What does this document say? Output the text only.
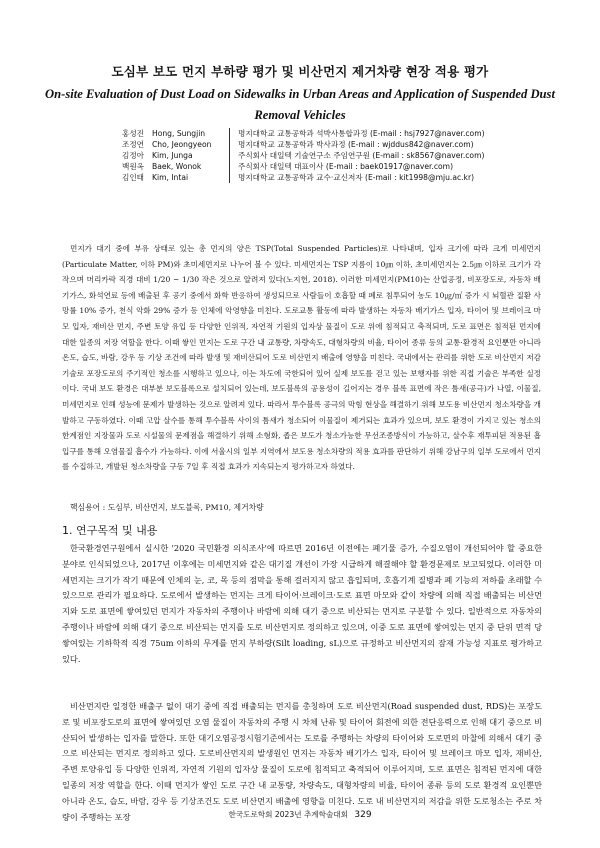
도심부 보도 먼지 부하량 평가 및 비산먼지 제거차량 현장 적용 평가
On-site Evaluation of Dust Load on Sidewalks in Urban Areas and Application of Suspended Dust Removal Vehicles
홍성진	Hong, Sungjin	명지대학교 교통공학과 석박사통합과정 (E-mail : hsj7927@naver.com)
조정연	Cho, Jeongyeon	명지대학교 교통공학과 박사과정 (E-mail : wjddus842@naver.com)
김정아	Kim, Junga	주식회사 대일텍 기술연구소 주임연구원 (E-mail : sk8567@naver.com)
백원옥	Baek, Wonok	주식회사 대일텍 대표이사 (E-mail : baek01917@naver.com)
김인태	Kim, Intai	명지대학교 교통공학과 교수·교신저자 (E-mail : kit1998@mju.ac.kr)

먼지가 대기 중에 부유 상태로 있는 총 먼지의 양은 TSP(Total Suspended Particles)로 나타내며, 입자 크기에 따라 크게 미세먼지(Particulate Matter, 이하 PM)와 초미세먼지로 나누어 볼 수 있다. 미세먼지는 TSP 지름이 10㎛ 이하, 초미세먼지는 2.5㎛ 이하로 크기가 각 작으며 머리카락 직경 대비 1/20 ~ 1/30 작은 것으로 알려져 있다(노지헌, 2018). 이러한 미세먼지(PM10)는 산업공정, 비포장도로, 자동차 배기가스, 화석연료 등에 배출된 후 공기 중에서 화학 반응하여 생성되므로 사람들이 호흡할 때 폐로 침투되어 농도 10㎍/㎥ 증가 시 뇌혈관 질환 사망률 10% 증가, 천식 악화 29% 증가 등 인체에 악영향을 미친다. 도로교통 활동에 따라 발생하는 자동차 배기가스 입자, 타이어 및 브레이크 마모 입자, 재비산 먼지, 주변 토양 유입 등 다양한 인위적, 자연적 기원의 입자상 물질이 도로 위에 침적되고 축적되며, 도로 표면은 침적된 먼지에 대한 일종의 저장 역할을 한다. 이때 쌓인 먼지는 도로 구간 내 교통량, 차량속도, 대형차량의 비율, 타이어 종류 등의 교통·환경적 요인뿐만 아니라 온도, 습도, 바람, 강우 등 기상 조건에 따라 발생 및 재비산되어 도로 비산먼지 배출에 영향을 미친다. 국내에서는 관리를 위한 도로 비산먼지 저감 기술로 포장도로의 주기적인 청소를 시행하고 있으나, 이는 차도에 국한되어 있어 실제 보도를 걷고 있는 보행자를 위한 직접 기술은 부족한 실정이다. 국내 보도 환경은 대부분 보도블록으로 설치되어 있는데, 보도블록의 공용성이 길어지는 경우 블록 표면에 작은 틈새(공극)가 나열, 이물질, 미세먼지로 인해 성능에 문제가 발생하는 것으로 알려져 있다. 따라서 투수블록 공극의 막힘 현상을 해결하기 위해 보도용 비산먼지 청소차량을 개발하고 구동하였다. 이때 고압 살수를 통해 투수블록 사이의 틈새가 청소되어 이물질이 제거되는 효과가 있으며, 보도 환경이 가지고 있는 청소의 한계점인 지장물과 도로 시설물의 문제점을 해결하기 위해 소형화, 좁은 보도가 청소가능한 무선조종방식이 가능하고, 살수후 재투피된 적용된 흡입구를 통해 오염물질 흡수가 가능하다. 이에 서울시의 일부 지역에서 보도용 청소차량의 적용 효과를 판단하기 위해 강남구의 일부 도로에서 먼지를 수집하고, 개발된 청소차량을 구동 7일 후 직접 효과가 지속되는지 평가하고자 하였다.

핵심용어 : 도심부, 비산먼지, 보도블록, PM10, 제거차량

1. 연구목적 및 내용

한국환경연구원에서 실시한 '2020 국민환경 의식조사'에 따르면 2016년 이전에는 폐기물 증가, 수질오염이 개선되어야 할 중요한 분야로 인식되었으나, 2017년 이후에는 미세먼지와 같은 대기질 개선이 가장 시급하게 해결해야 할 환경문제로 보고되었다. 이러한 미세먼지는 크기가 작기 때문에 인체의 눈, 코, 목 등의 점막을 통해 걸러지지 않고 흡입되며, 호흡기계 질병과 폐 기능의 저하를 초래할 수 있으므로 관리가 필요하다. 도로에서 발생하는 먼지는 크게 타이어·브레이크·도로 표면 마모와 같이 차량에 의해 직접 배출되는 비산먼지와 도로 표면에 쌓여있던 먼지가 자동차의 주행이나 바람에 의해 대기 중으로 비산되는 먼지로 구분할 수 있다. 일반적으로 자동차의 주행이나 바람에 의해 대기 중으로 비산되는 먼지를 도로 비산먼지로 정의하고 있으며, 이중 도로 표면에 쌓여있는 먼지 중 단위 면적 당 쌓여있는 기하학적 직경 75um 이하의 무게를 먼지 부하량(Silt loading, sL)으로 규정하고 비산먼지의 잠재 가능성 지표로 평가하고 있다.

비산먼지란 일정한 배출구 없이 대기 중에 직접 배출되는 먼지를 총칭하며 도로 비산먼지(Road suspended dust, RDS)는 포장도로 및 비포장도로의 표면에 쌓여있던 오염 물질이 자동차의 주행 시 차체 난류 및 타이어 회전에 의한 전단응력으로 인해 대기 중으로 비산되어 발생하는 입자를 말한다. 또한 대기오염공정시험기준에서는 도로를 주행하는 차량의 타이어와 도로면의 마찰에 의해서 대기 중으로 비산되는 먼지로 정의하고 있다. 도로비산먼지의 발생원인 먼지는 자동차 배기가스 입자, 타이어 및 브레이크 마모 입자, 재비산, 주변 토양유입 등 다양한 인위적, 자연적 기원의 입자상 물질이 도로에 침적되고 축적되어 이루어지며, 도로 표면은 침적된 먼지에 대한 일종의 저장 역할을 한다. 이때 먼지가 쌓인 도로 구간 내 교통량, 차량속도, 대형차량의 비율, 타이어 종류 등의 도로 환경적 요인뿐만 아니라 온도, 습도, 바람, 강우 등 기상조건도 도로 비산먼지 배출에 영향을 미친다. 도로 내 비산먼지의 저감을 위한 도로청소는 주로 차량이 주행하는 포장	한국도로학회 2023년 추계학술대회 329
